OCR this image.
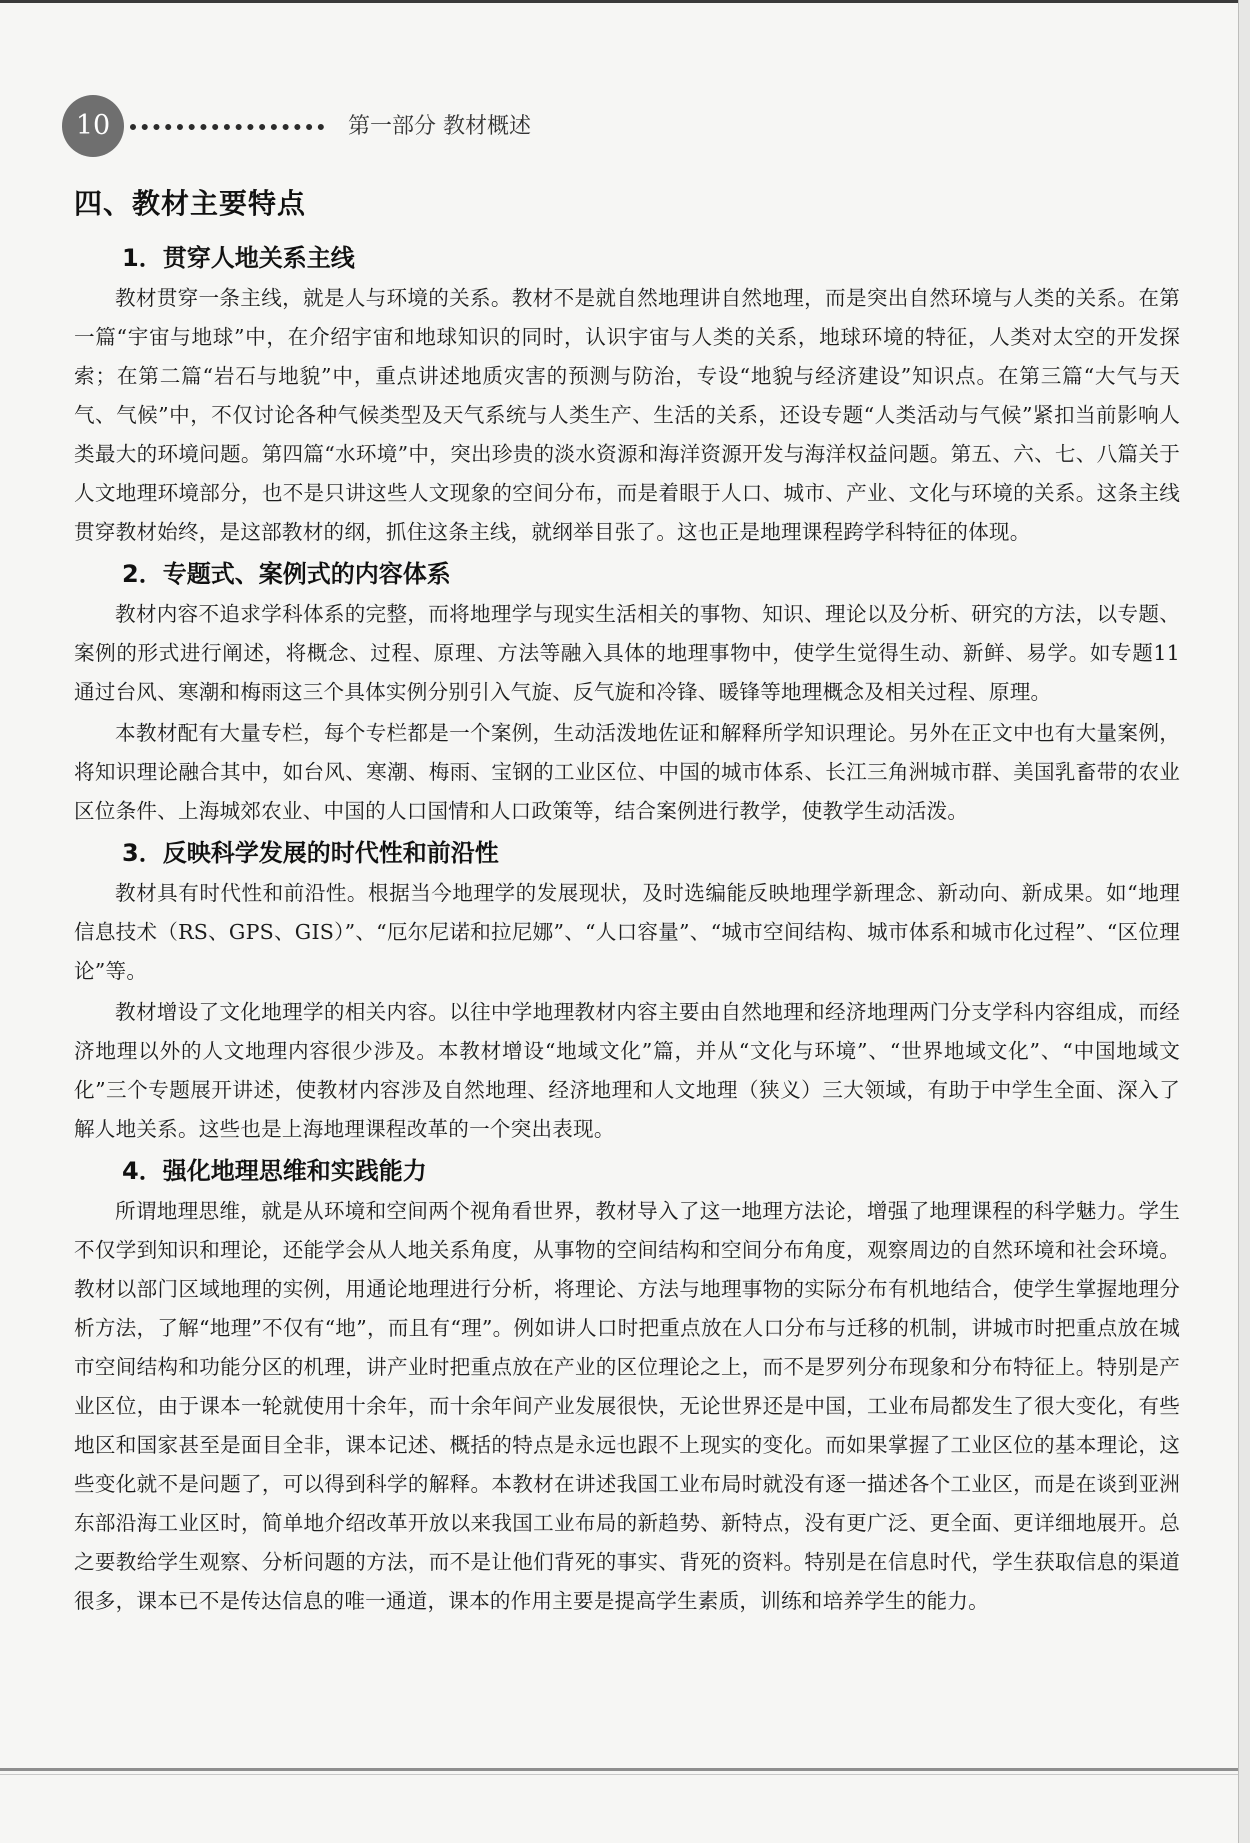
10	第一部分 教材概述
四、教材主要特点
1．贯穿人地关系主线

教材贯穿一条主线，就是人与环境的关系。教材不是就自然地理讲自然地理，而是突出自然环境与人类的关系。在第一篇“宇宙与地球”中，在介绍宇宙和地球知识的同时，认识宇宙与人类的关系，地球环境的特征，人类对太空的开发探索；在第二篇“岩石与地貌”中，重点讲述地质灾害的预测与防治，专设“地貌与经济建设”知识点。在第三篇“大气与天气、气候”中，不仅讨论各种气候类型及天气系统与人类生产、生活的关系，还设专题“人类活动与气候”紧扣当前影响人类最大的环境问题。第四篇“水环境”中，突出珍贵的淡水资源和海洋资源开发与海洋权益问题。第五、六、七、八篇关于人文地理环境部分，也不是只讲这些人文现象的空间分布，而是着眼于人口、城市、产业、文化与环境的关系。这条主线贯穿教材始终，是这部教材的纲，抓住这条主线，就纲举目张了。这也正是地理课程跨学科特征的体现。

2．专题式、案例式的内容体系

教材内容不追求学科体系的完整，而将地理学与现实生活相关的事物、知识、理论以及分析、研究的方法，以专题、案例的形式进行阐述，将概念、过程、原理、方法等融入具体的地理事物中，使学生觉得生动、新鲜、易学。如专题11通过台风、寒潮和梅雨这三个具体实例分别引入气旋、反气旋和冷锋、暖锋等地理概念及相关过程、原理。

本教材配有大量专栏，每个专栏都是一个案例，生动活泼地佐证和解释所学知识理论。另外在正文中也有大量案例，将知识理论融合其中，如台风、寒潮、梅雨、宝钢的工业区位、中国的城市体系、长江三角洲城市群、美国乳畜带的农业区位条件、上海城郊农业、中国的人口国情和人口政策等，结合案例进行教学，使教学生动活泼。

3．反映科学发展的时代性和前沿性

教材具有时代性和前沿性。根据当今地理学的发展现状，及时选编能反映地理学新理念、新动向、新成果。如“地理信息技术（RS、GPS、GIS）”、“厄尔尼诺和拉尼娜”、“人口容量”、“城市空间结构、城市体系和城市化过程”、“区位理论”等。

教材增设了文化地理学的相关内容。以往中学地理教材内容主要由自然地理和经济地理两门分支学科内容组成，而经济地理以外的人文地理内容很少涉及。本教材增设“地域文化”篇，并从“文化与环境”、“世界地域文化”、“中国地域文化”三个专题展开讲述，使教材内容涉及自然地理、经济地理和人文地理（狭义）三大领域，有助于中学生全面、深入了解人地关系。这些也是上海地理课程改革的一个突出表现。

4．强化地理思维和实践能力

所谓地理思维，就是从环境和空间两个视角看世界，教材导入了这一地理方法论，增强了地理课程的科学魅力。学生不仅学到知识和理论，还能学会从人地关系角度，从事物的空间结构和空间分布角度，观察周边的自然环境和社会环境。教材以部门区域地理的实例，用通论地理进行分析，将理论、方法与地理事物的实际分布有机地结合，使学生掌握地理分析方法，了解“地理”不仅有“地”，而且有“理”。例如讲人口时把重点放在人口分布与迁移的机制，讲城市时把重点放在城市空间结构和功能分区的机理，讲产业时把重点放在产业的区位理论之上，而不是罗列分布现象和分布特征上。特别是产业区位，由于课本一轮就使用十余年，而十余年间产业发展很快，无论世界还是中国，工业布局都发生了很大变化，有些地区和国家甚至是面目全非，课本记述、概括的特点是永远也跟不上现实的变化。而如果掌握了工业区位的基本理论，这些变化就不是问题了，可以得到科学的解释。本教材在讲述我国工业布局时就没有逐一描述各个工业区，而是在谈到亚洲东部沿海工业区时，简单地介绍改革开放以来我国工业布局的新趋势、新特点，没有更广泛、更全面、更详细地展开。总之要教给学生观察、分析问题的方法，而不是让他们背死的事实、背死的资料。特别是在信息时代，学生获取信息的渠道很多，课本已不是传达信息的唯一通道，课本的作用主要是提高学生素质，训练和培养学生的能力。
